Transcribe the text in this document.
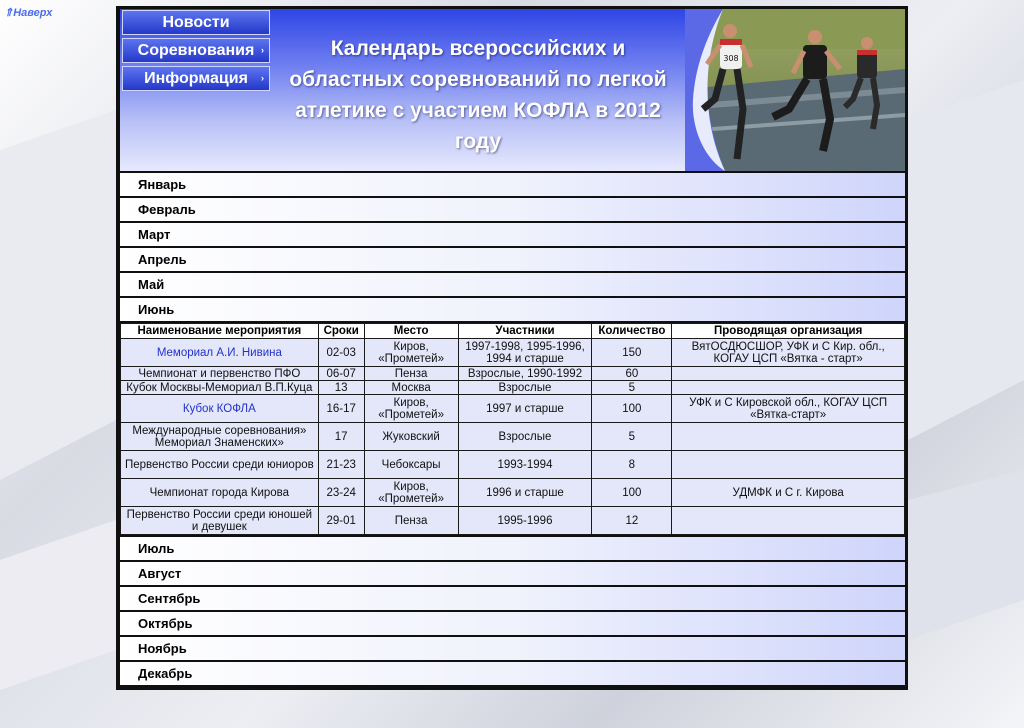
⇑Наверх
Новости
Соревнования ›
Информация ›
Календарь всероссийских и областных соревнований по легкой атлетике с участием КОФЛА в 2012 году
308
Январь
Февраль
Март
Апрель
Май
Июнь
Наименование мероприятия	Сроки	Место	Участники	Количество	Проводящая организация
Мемориал А.И. Нивина	02-03	Киров, «Прометей»	1997-1998, 1995-1996, 1994 и старше	150	ВятОСДЮСШОР, УФК и С Кир. обл., КОГАУ ЦСП «Вятка - старт»
Чемпионат и первенство ПФО	06-07	Пенза	Взрослые, 1990-1992	60	
Кубок Москвы-Мемориал В.П.Куца	13	Москва	Взрослые	5	
Кубок КОФЛА	16-17	Киров, «Прометей»	1997 и старше	100	УФК и С Кировской обл., КОГАУ ЦСП «Вятка-старт»
Международные соревнования» Мемориал Знаменских»	17	Жуковский	Взрослые	5	
Первенство России среди юниоров	21-23	Чебоксары	1993-1994	8	
Чемпионат города Кирова	23-24	Киров, «Прометей»	1996 и старше	100	УДМФК и С г. Кирова
Первенство России среди юношей и девушек	29-01	Пенза	1995-1996	12	
Июль
Август
Сентябрь
Октябрь
Ноябрь
Декабрь
